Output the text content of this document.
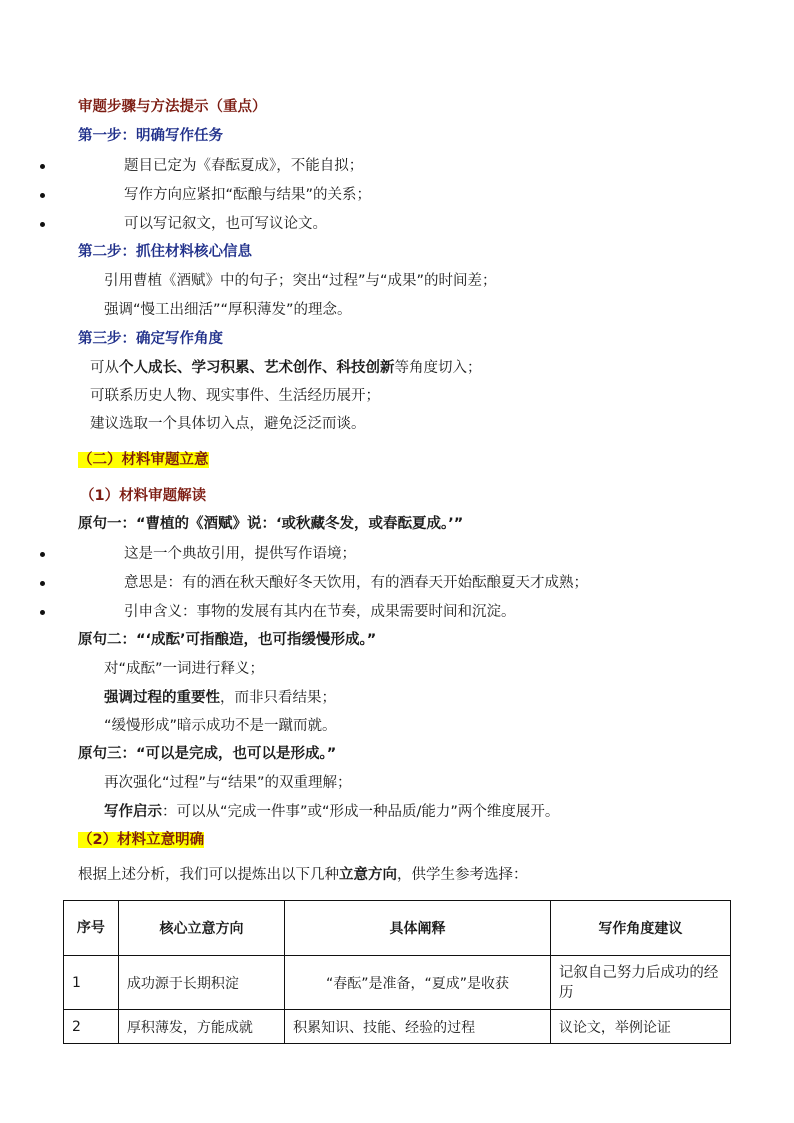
审题步骤与方法提示（重点）
第一步：明确写作任务
题目已定为《春酝夏成》，不能自拟；
写作方向应紧扣“酝酿与结果”的关系；
可以写记叙文，也可写议论文。
第二步：抓住材料核心信息
引用曹植《酒赋》中的句子；突出“过程”与“成果”的时间差；
强调“慢工出细活”“厚积薄发”的理念。
第三步：确定写作角度
可从个人成长、学习积累、艺术创作、科技创新等角度切入；
可联系历史人物、现实事件、生活经历展开；
建议选取一个具体切入点，避免泛泛而谈。
（二）材料审题立意
（1）材料审题解读
原句一：“曹植的《酒赋》说：‘或秋藏冬发，或春酝夏成。’”
这是一个典故引用，提供写作语境；
意思是：有的酒在秋天酿好冬天饮用，有的酒春天开始酝酿夏天才成熟；
引申含义：事物的发展有其内在节奏，成果需要时间和沉淀。
原句二：“‘成酝’可指酿造，也可指缓慢形成。”
对“成酝”一词进行释义；
强调过程的重要性，而非只看结果；
“缓慢形成”暗示成功不是一蹴而就。
原句三：“可以是完成，也可以是形成。”
再次强化“过程”与“结果”的双重理解；
写作启示：可以从“完成一件事”或“形成一种品质/能力”两个维度展开。
（2）材料立意明确
根据上述分析，我们可以提炼出以下几种立意方向，供学生参考选择：
序号	核心立意方向	具体阐释	写作角度建议
1	成功源于长期积淀	“春酝”是准备，“夏成”是收获	记叙自己努力后成功的经历
2	厚积薄发，方能成就	积累知识、技能、经验的过程	议论文，举例论证
